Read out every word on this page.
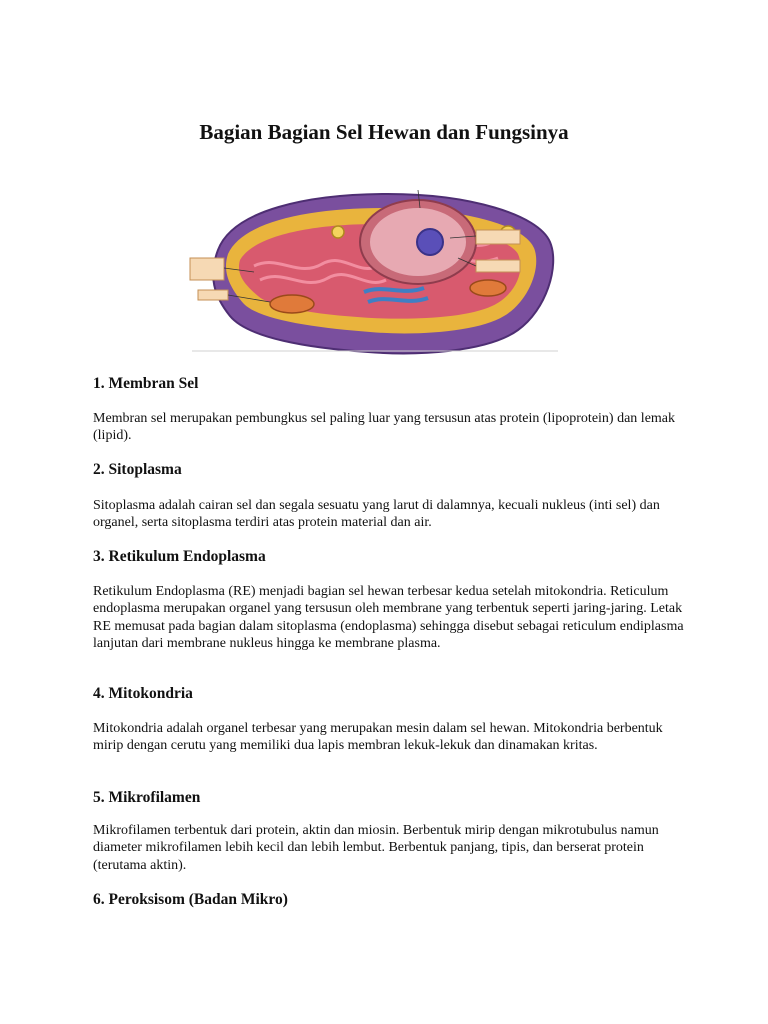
Bagian Bagian Sel Hewan dan Fungsinya
1. Membran Sel

Membran sel merupakan pembungkus sel paling luar yang tersusun atas protein (lipoprotein) dan lemak (lipid).

2. Sitoplasma

Sitoplasma adalah cairan sel dan segala sesuatu yang larut di dalamnya, kecuali nukleus (inti sel) dan organel, serta sitoplasma terdiri atas protein material dan air.

3. Retikulum Endoplasma

Retikulum Endoplasma (RE) menjadi bagian sel hewan terbesar kedua setelah mitokondria. Reticulum endoplasma merupakan organel yang tersusun oleh membrane yang terbentuk seperti jaring-jaring. Letak RE memusat pada bagian dalam sitoplasma (endoplasma) sehingga disebut sebagai reticulum endiplasma lanjutan dari membrane nukleus hingga ke membrane plasma.

4. Mitokondria

Mitokondria adalah organel terbesar yang merupakan mesin dalam sel hewan. Mitokondria berbentuk mirip dengan cerutu yang memiliki dua lapis membran lekuk-lekuk dan dinamakan kritas.

5. Mikrofilamen

Mikrofilamen terbentuk dari protein, aktin dan miosin. Berbentuk mirip dengan mikrotubulus namun diameter mikrofilamen lebih kecil dan lebih lembut. Berbentuk panjang, tipis, dan berserat protein (terutama aktin).

6. Peroksisom (Badan Mikro)
